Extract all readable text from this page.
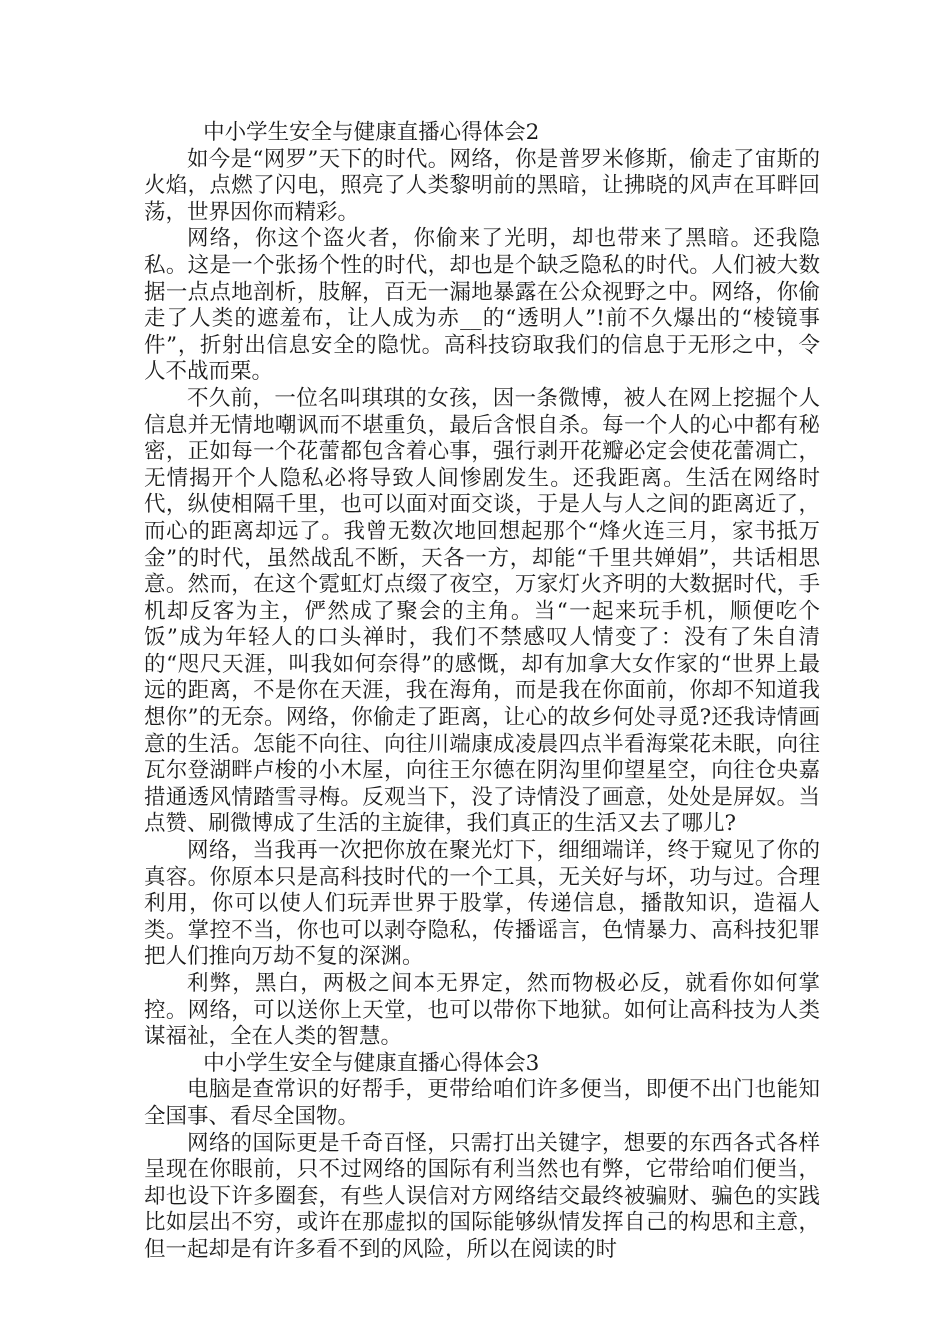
中小学生安全与健康直播心得体会2

如今是“网罗”天下的时代。网络，你是普罗米修斯，偷走了宙斯的火焰，点燃了闪电，照亮了人类黎明前的黑暗，让拂晓的风声在耳畔回荡，世界因你而精彩。

网络，你这个盗火者，你偷来了光明，却也带来了黑暗。还我隐私。这是一个张扬个性的时代，却也是个缺乏隐私的时代。人们被大数据一点点地剖析，肢解，百无一漏地暴露在公众视野之中。网络，你偷走了人类的遮羞布，让人成为赤__的“透明人”!前不久爆出的“棱镜事件”，折射出信息安全的隐忧。高科技窃取我们的信息于无形之中，令人不战而栗。

不久前，一位名叫琪琪的女孩，因一条微博，被人在网上挖掘个人信息并无情地嘲讽而不堪重负，最后含恨自杀。每一个人的心中都有秘密，正如每一个花蕾都包含着心事，强行剥开花瓣必定会使花蕾凋亡，无情揭开个人隐私必将导致人间惨剧发生。还我距离。生活在网络时代，纵使相隔千里，也可以面对面交谈，于是人与人之间的距离近了，而心的距离却远了。我曾无数次地回想起那个“烽火连三月，家书抵万金”的时代，虽然战乱不断，天各一方，却能“千里共婵娟”，共话相思意。然而，在这个霓虹灯点缀了夜空，万家灯火齐明的大数据时代，手机却反客为主，俨然成了聚会的主角。当“一起来玩手机，顺便吃个饭”成为年轻人的口头禅时，我们不禁感叹人情变了：没有了朱自清的“咫尺天涯，叫我如何奈得”的感慨，却有加拿大女作家的“世界上最远的距离，不是你在天涯，我在海角，而是我在你面前，你却不知道我想你”的无奈。网络，你偷走了距离，让心的故乡何处寻觅?还我诗情画意的生活。怎能不向往、向往川端康成凌晨四点半看海棠花未眠，向往瓦尔登湖畔卢梭的小木屋，向往王尔德在阴沟里仰望星空，向往仓央嘉措通透风情踏雪寻梅。反观当下，没了诗情没了画意，处处是屏奴。当点赞、刷微博成了生活的主旋律，我们真正的生活又去了哪儿?

网络，当我再一次把你放在聚光灯下，细细端详，终于窥见了你的真容。你原本只是高科技时代的一个工具，无关好与坏，功与过。合理利用，你可以使人们玩弄世界于股掌，传递信息，播散知识，造福人类。掌控不当，你也可以剥夺隐私，传播谣言，色情暴力、高科技犯罪把人们推向万劫不复的深渊。

利弊，黑白，两极之间本无界定，然而物极必反，就看你如何掌控。网络，可以送你上天堂，也可以带你下地狱。如何让高科技为人类谋福祉，全在人类的智慧。

中小学生安全与健康直播心得体会3

电脑是查常识的好帮手，更带给咱们许多便当，即便不出门也能知全国事、看尽全国物。

网络的国际更是千奇百怪，只需打出关键字，想要的东西各式各样呈现在你眼前，只不过网络的国际有利当然也有弊，它带给咱们便当，却也设下许多圈套，有些人误信对方网络结交最终被骗财、骗色的实践比如层出不穷，或许在那虚拟的国际能够纵情发挥自己的构思和主意，但一起却是有许多看不到的风险，所以在阅读的时
